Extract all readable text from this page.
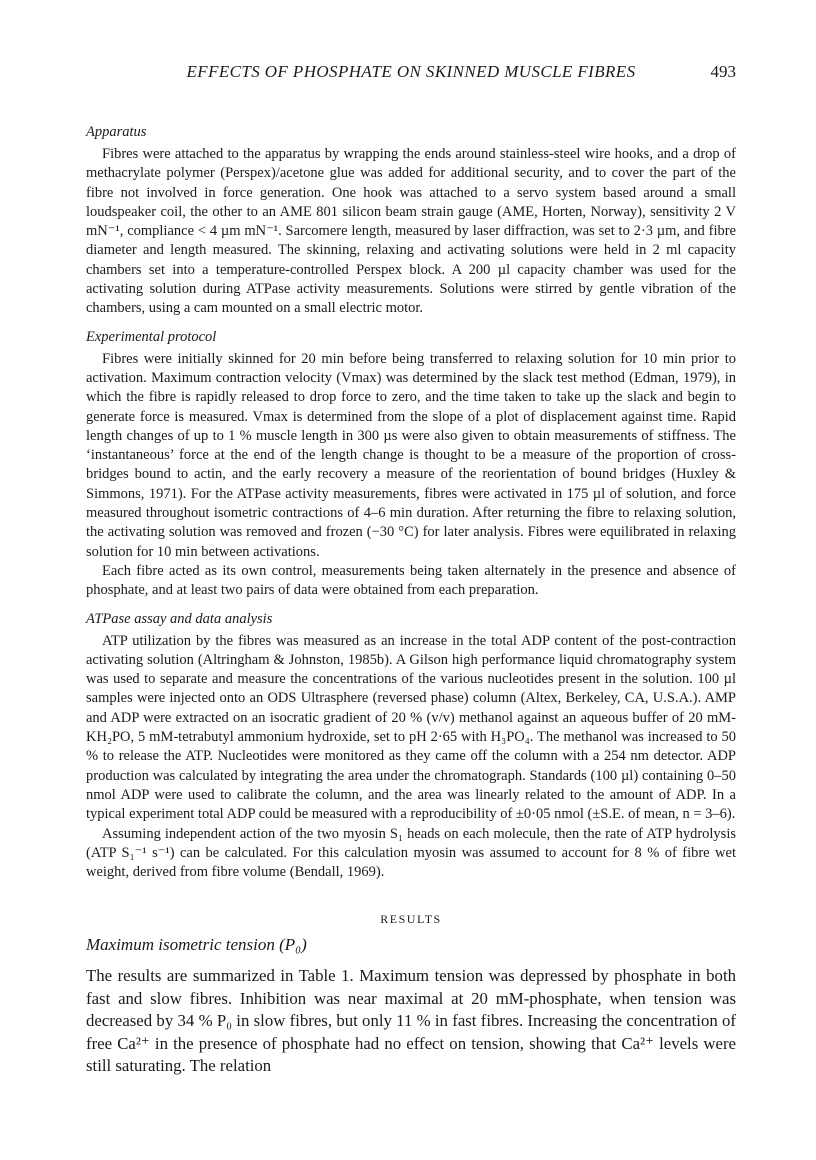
EFFECTS OF PHOSPHATE ON SKINNED MUSCLE FIBRES	493
Apparatus

Fibres were attached to the apparatus by wrapping the ends around stainless-steel wire hooks, and a drop of methacrylate polymer (Perspex)/acetone glue was added for additional security, and to cover the part of the fibre not involved in force generation. One hook was attached to a servo system based around a small loudspeaker coil, the other to an AME 801 silicon beam strain gauge (AME, Horten, Norway), sensitivity 2 V mN⁻¹, compliance < 4 µm mN⁻¹. Sarcomere length, measured by laser diffraction, was set to 2·3 µm, and fibre diameter and length measured. The skinning, relaxing and activating solutions were held in 2 ml capacity chambers set into a temperature-controlled Perspex block. A 200 µl capacity chamber was used for the activating solution during ATPase activity measurements. Solutions were stirred by gentle vibration of the chambers, using a cam mounted on a small electric motor.

Experimental protocol

Fibres were initially skinned for 20 min before being transferred to relaxing solution for 10 min prior to activation. Maximum contraction velocity (Vmax) was determined by the slack test method (Edman, 1979), in which the fibre is rapidly released to drop force to zero, and the time taken to take up the slack and begin to generate force is measured. Vmax is determined from the slope of a plot of displacement against time. Rapid length changes of up to 1 % muscle length in 300 µs were also given to obtain measurements of stiffness. The ‘instantaneous’ force at the end of the length change is thought to be a measure of the proportion of cross-bridges bound to actin, and the early recovery a measure of the reorientation of bound bridges (Huxley & Simmons, 1971). For the ATPase activity measurements, fibres were activated in 175 µl of solution, and force measured throughout isometric contractions of 4–6 min duration. After returning the fibre to relaxing solution, the activating solution was removed and frozen (−30 °C) for later analysis. Fibres were equilibrated in relaxing solution for 10 min between activations.

Each fibre acted as its own control, measurements being taken alternately in the presence and absence of phosphate, and at least two pairs of data were obtained from each preparation.

ATPase assay and data analysis

ATP utilization by the fibres was measured as an increase in the total ADP content of the post-contraction activating solution (Altringham & Johnston, 1985b). A Gilson high performance liquid chromatography system was used to separate and measure the concentrations of the various nucleotides present in the solution. 100 µl samples were injected onto an ODS Ultrasphere (reversed phase) column (Altex, Berkeley, CA, U.S.A.). AMP and ADP were extracted on an isocratic gradient of 20 % (v/v) methanol against an aqueous buffer of 20 mM-KH₂PO, 5 mM-tetrabutyl ammonium hydroxide, set to pH 2·65 with H₃PO₄. The methanol was increased to 50 % to release the ATP. Nucleotides were monitored as they came off the column with a 254 nm detector. ADP production was calculated by integrating the area under the chromatograph. Standards (100 µl) containing 0–50 nmol ADP were used to calibrate the column, and the area was linearly related to the amount of ADP. In a typical experiment total ADP could be measured with a reproducibility of ±0·05 nmol (±S.E. of mean, n = 3–6).

Assuming independent action of the two myosin S₁ heads on each molecule, then the rate of ATP hydrolysis (ATP S₁⁻¹ s⁻¹) can be calculated. For this calculation myosin was assumed to account for 8 % of fibre wet weight, derived from fibre volume (Bendall, 1969).

RESULTS
Maximum isometric tension (P₀)

The results are summarized in Table 1. Maximum tension was depressed by phosphate in both fast and slow fibres. Inhibition was near maximal at 20 mM-phosphate, when tension was decreased by 34 % P₀ in slow fibres, but only 11 % in fast fibres. Increasing the concentration of free Ca²⁺ in the presence of phosphate had no effect on tension, showing that Ca²⁺ levels were still saturating. The relation
